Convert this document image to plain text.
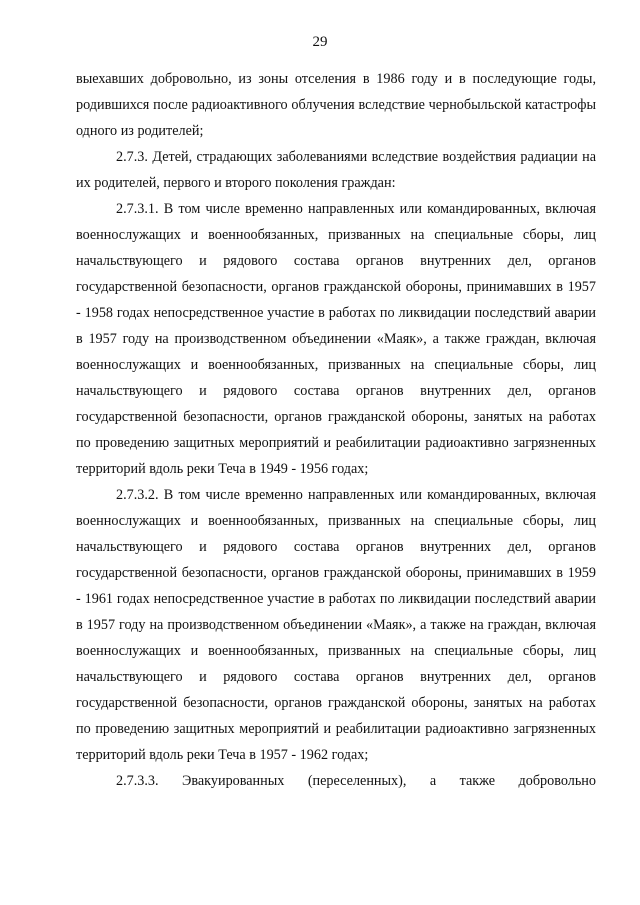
29

выехавших добровольно, из зоны отселения в 1986 году и в последующие годы, родившихся после радиоактивного облучения вследствие чернобыльской катастрофы одного из родителей;

2.7.3. Детей, страдающих заболеваниями вследствие воздействия радиации на их родителей, первого и второго поколения граждан:

2.7.3.1. В том числе временно направленных или командированных, включая военнослужащих и военнообязанных, призванных на специальные сборы, лиц начальствующего и рядового состава органов внутренних дел, органов государственной безопасности, органов гражданской обороны, принимавших в 1957 - 1958 годах непосредственное участие в работах по ликвидации последствий аварии в 1957 году на производственном объединении «Маяк», а также граждан, включая военнослужащих и военнообязанных, призванных на специальные сборы, лиц начальствующего и рядового состава органов внутренних дел, органов государственной безопасности, органов гражданской обороны, занятых на работах по проведению защитных мероприятий и реабилитации радиоактивно загрязненных территорий вдоль реки Теча в 1949 - 1956 годах;

2.7.3.2. В том числе временно направленных или командированных, включая военнослужащих и военнообязанных, призванных на специальные сборы, лиц начальствующего и рядового состава органов внутренних дел, органов государственной безопасности, органов гражданской обороны, принимавших в 1959 - 1961 годах непосредственное участие в работах по ликвидации последствий аварии в 1957 году на производственном объединении «Маяк», а также на граждан, включая военнослужащих и военнообязанных, призванных на специальные сборы, лиц начальствующего и рядового состава органов внутренних дел, органов государственной безопасности, органов гражданской обороны, занятых на работах по проведению защитных мероприятий и реабилитации радиоактивно загрязненных территорий вдоль реки Теча в 1957 - 1962 годах;

2.7.3.3. Эвакуированных (переселенных), а также добровольно
